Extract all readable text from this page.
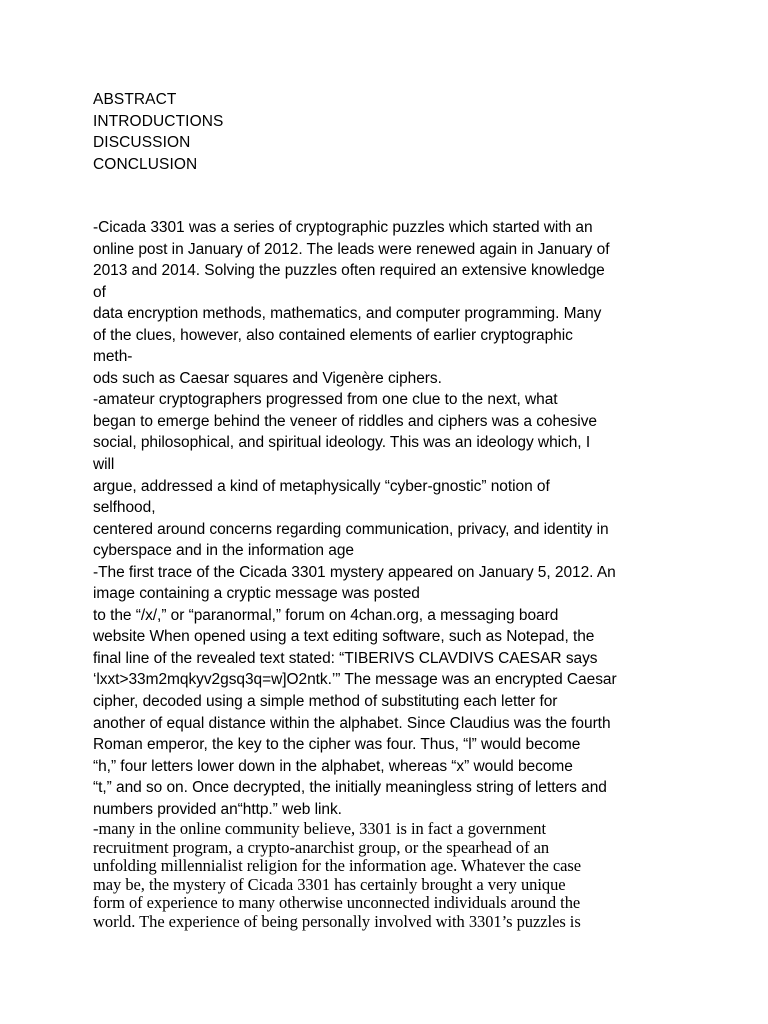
ABSTRACT
INTRODUCTIONS
DISCUSSION
CONCLUSION
-Cicada 3301 was a series of cryptographic puzzles which started with an
online post in January of 2012. The leads were renewed again in January of
2013 and 2014. Solving the puzzles often required an extensive knowledge
of
data encryption methods, mathematics, and computer programming. Many
of the clues, however, also contained elements of earlier cryptographic
meth-
ods such as Caesar squares and Vigenère ciphers.
-amateur cryptographers progressed from one clue to the next, what
began to emerge behind the veneer of riddles and ciphers was a cohesive
social, philosophical, and spiritual ideology. This was an ideology which, I
will
argue, addressed a kind of metaphysically “cyber-gnostic” notion of
selfhood,
centered around concerns regarding communication, privacy, and identity in
cyberspace and in the information age
-The first trace of the Cicada 3301 mystery appeared on January 5, 2012. An
image containing a cryptic message was posted
to the “/x/,” or “paranormal,” forum on 4chan.org, a messaging board
website When opened using a text editing software, such as Notepad, the
final line of the revealed text stated: “TIBERIVS CLAVDIVS CAESAR says
‘lxxt>33m2mqkyv2gsq3q=w]O2ntk.’” The message was an encrypted Caesar
cipher, decoded using a simple method of substituting each letter for
another of equal distance within the alphabet. Since Claudius was the fourth
Roman emperor, the key to the cipher was four. Thus, “l” would become
“h,” four letters lower down in the alphabet, whereas “x” would become
“t,” and so on. Once decrypted, the initially meaningless string of letters and
numbers provided an“http.” web link.
-many in the online community believe, 3301 is in fact a government
recruitment program, a crypto-anarchist group, or the spearhead of an
unfolding millennialist religion for the information age. Whatever the case
may be, the mystery of Cicada 3301 has certainly brought a very unique
form of experience to many otherwise unconnected individuals around the
world. The experience of being personally involved with 3301’s puzzles is
